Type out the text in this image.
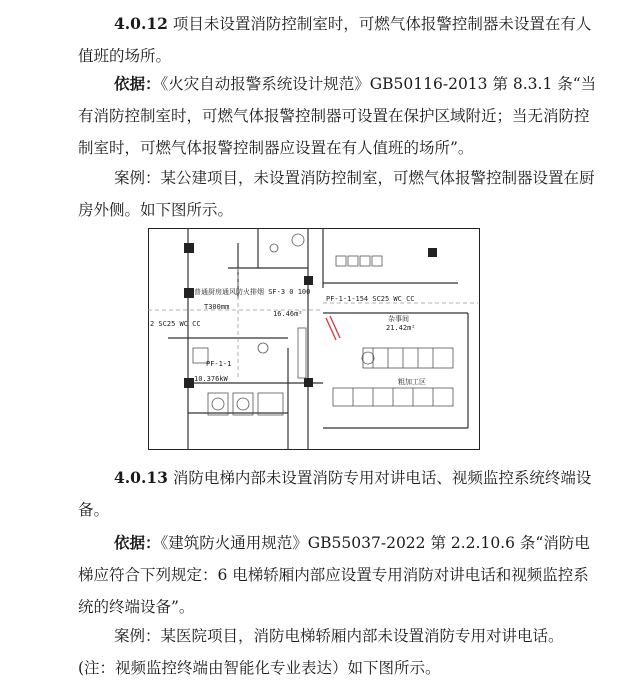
4.0.12 项目未设置消防控制室时，可燃气体报警控制器未设置在有人值班的场所。

依据：《火灾自动报警系统设计规范》GB50116-2013 第 8.3.1 条“当有消防控制室时，可燃气体报警控制器可设置在保护区域附近；当无消防控制室时，可燃气体报警控制器应设置在有人值班的场所”。

案例：某公建项目，未设置消防控制室，可燃气体报警控制器设置在厨房外侧。如下图所示。

普通厨房通风防火排烟 SF-3 0 100
T300mm
2 SC25 WC CC
PF-1-1-154 SC25 WC CC
16.46m²
杂事间
21.42m²
PF-1-1
10.376kW	粗加工区

4.0.13 消防电梯内部未设置消防专用对讲电话、视频监控系统终端设备。

依据：《建筑防火通用规范》GB55037-2022 第 2.2.10.6 条“消防电梯应符合下列规定：6 电梯轿厢内部应设置专用消防对讲电话和视频监控系统的终端设备”。

案例：某医院项目，消防电梯轿厢内部未设置消防专用对讲电话。(注：视频监控终端由智能化专业表达）如下图所示。
